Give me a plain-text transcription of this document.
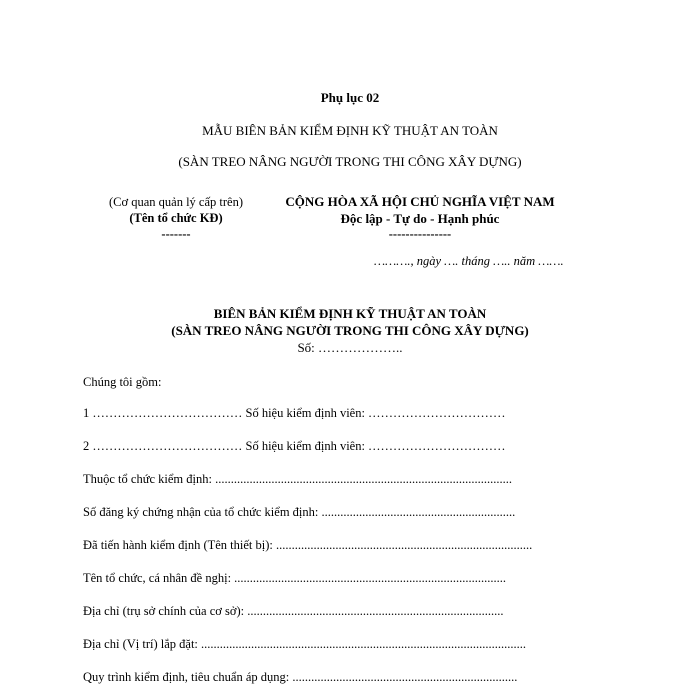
Phụ lục 02
MẪU BIÊN BẢN KIỂM ĐỊNH KỸ THUẬT AN TOÀN
(SÀN TREO NÂNG NGƯỜI TRONG THI CÔNG XÂY DỰNG)
(Cơ quan quản lý cấp trên)
(Tên tổ chức KĐ)
-------
CỘNG HÒA XÃ HỘI CHỦ NGHĨA VIỆT NAM
Độc lập - Tự do - Hạnh phúc
---------------
………., ngày …. tháng ….. năm …….
BIÊN BẢN KIỂM ĐỊNH KỸ THUẬT AN TOÀN
(SÀN TREO NÂNG NGƯỜI TRONG THI CÔNG XÂY DỰNG)
Số: ………………..
Chúng tôi gồm:
1 ……………………………… Số hiệu kiểm định viên: ……………………………
2 ……………………………… Số hiệu kiểm định viên: ……………………………
Thuộc tổ chức kiểm định: ...............................................................................................
Số đăng ký chứng nhận của tổ chức kiểm định: ..............................................................
Đã tiến hành kiểm định (Tên thiết bị): ..................................................................................
Tên tổ chức, cá nhân đề nghị: .......................................................................................
Địa chỉ (trụ sở chính của cơ sở): ..................................................................................
Địa chỉ (Vị trí) lắp đặt: ........................................................................................................
Quy trình kiểm định, tiêu chuẩn áp dụng: ........................................................................
